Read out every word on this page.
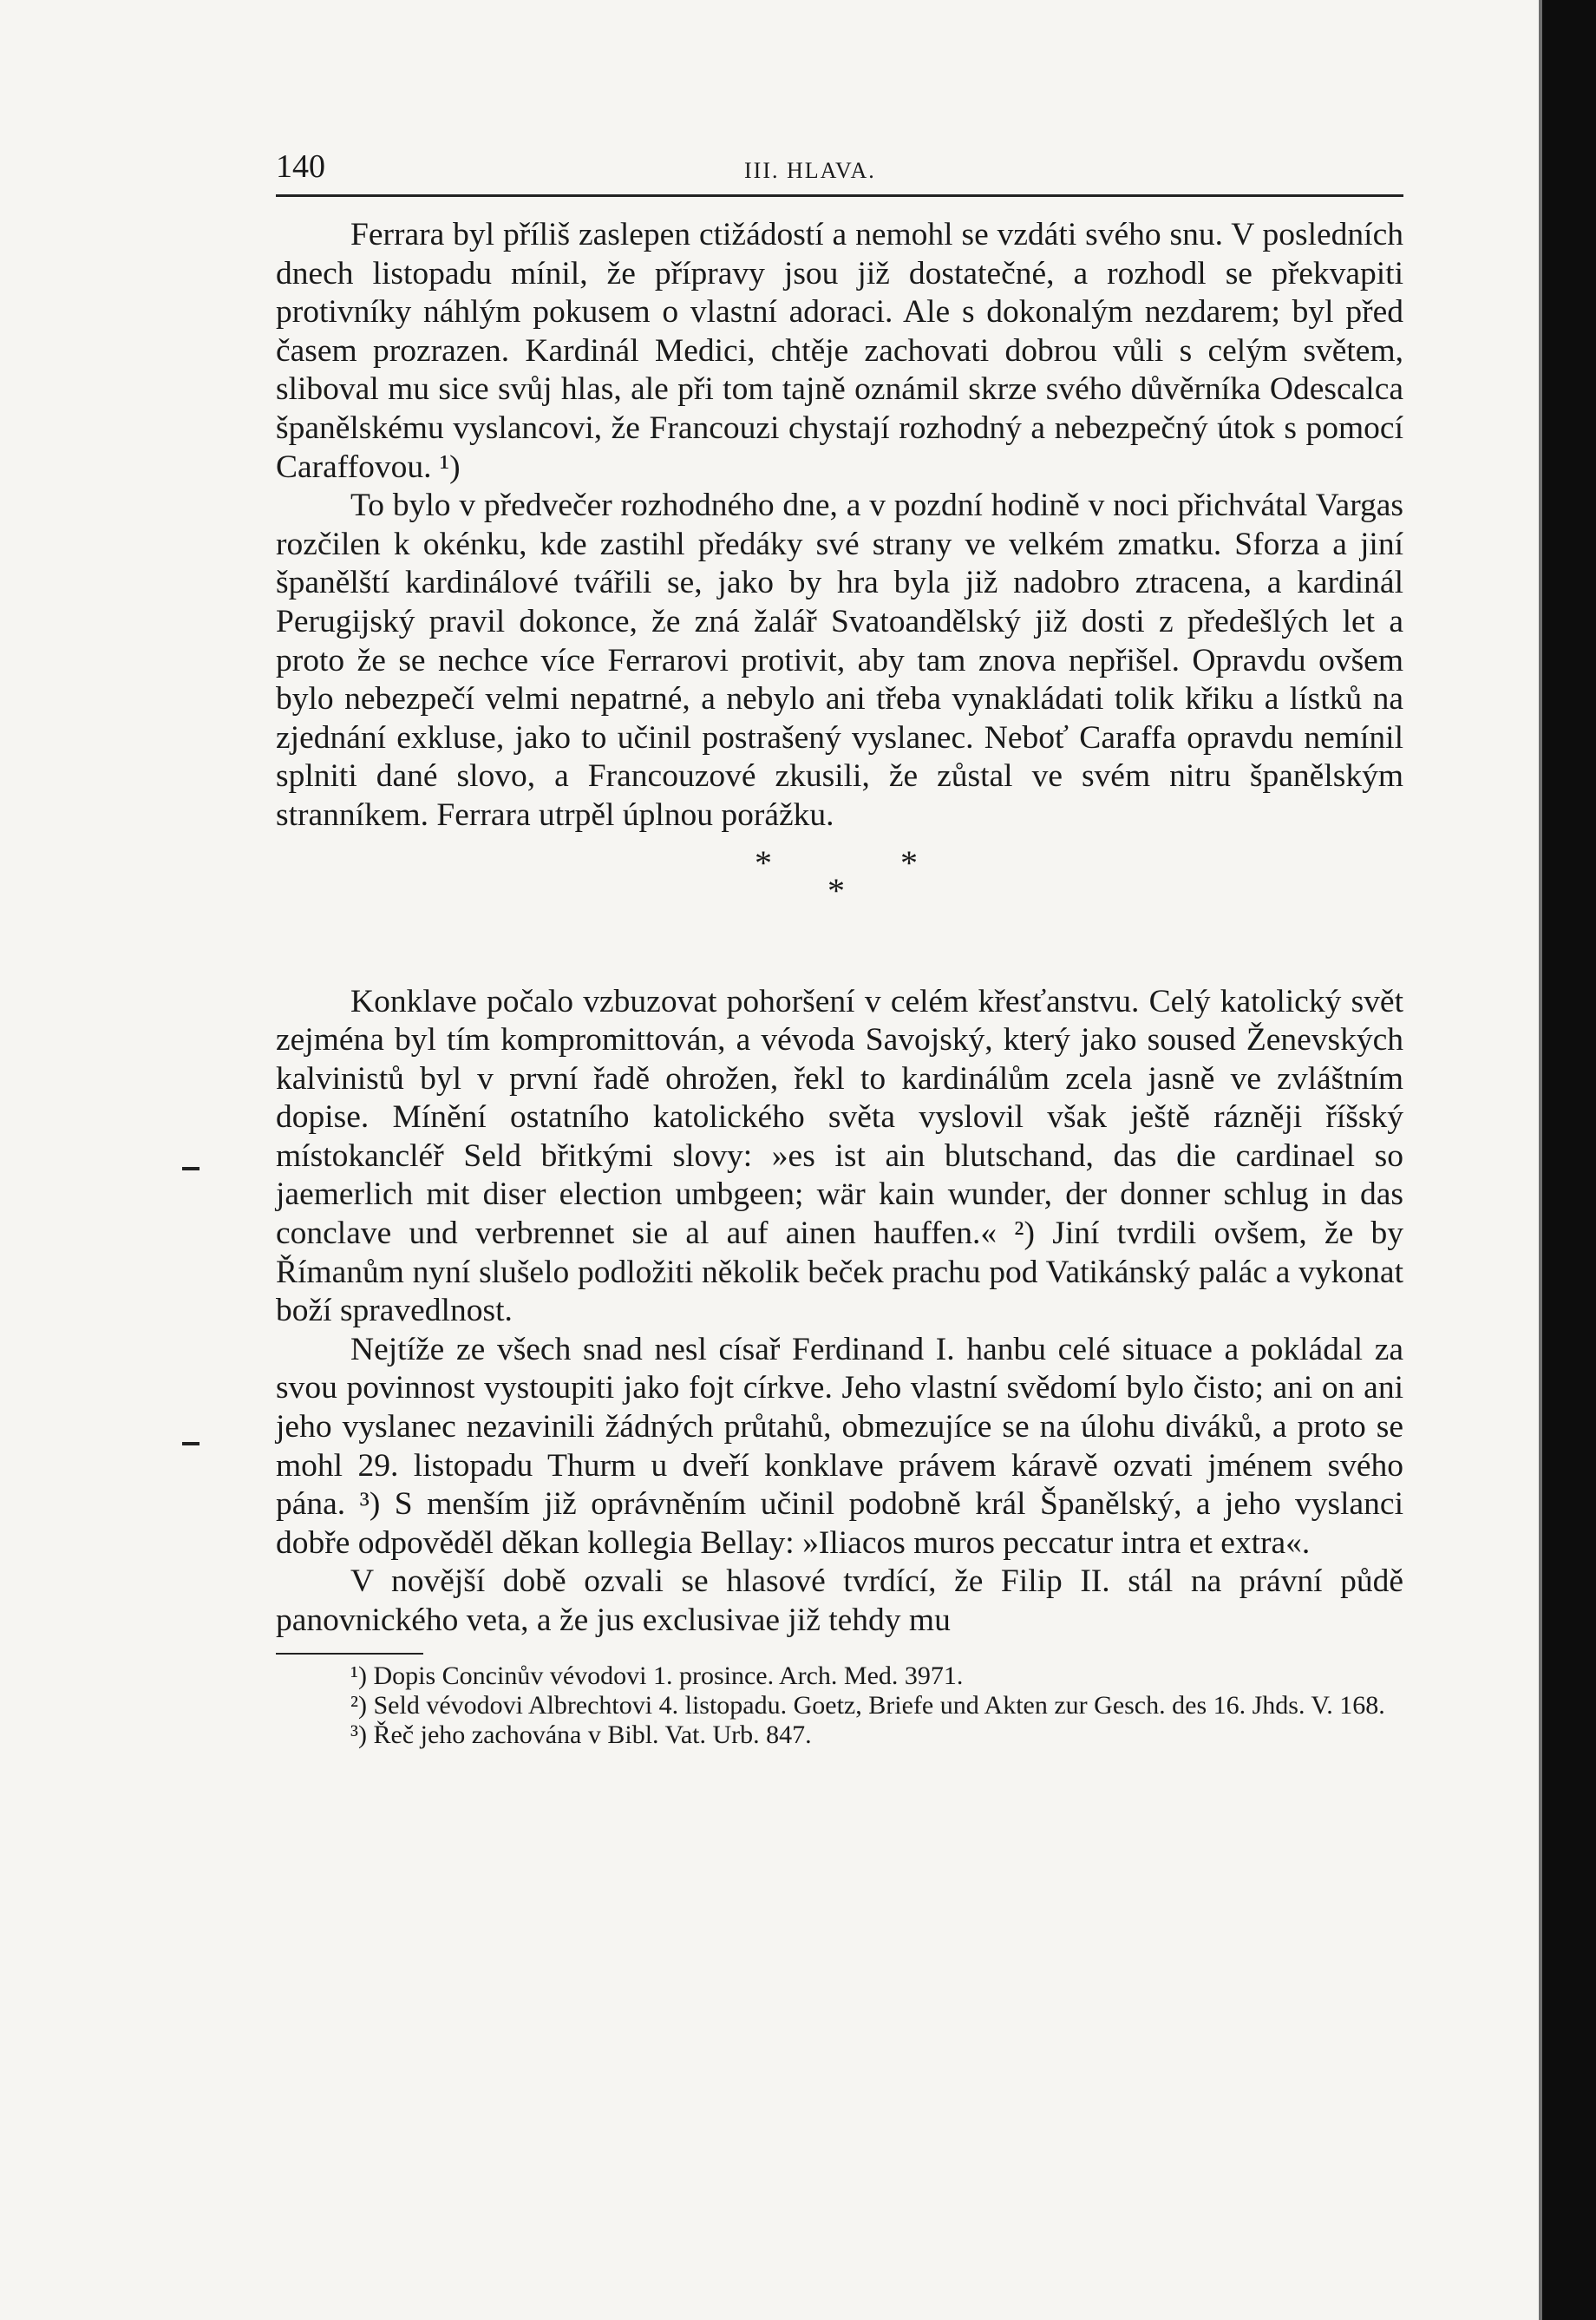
140	III. HLAVA.

Ferrara byl příliš zaslepen ctižádostí a nemohl se vzdáti svého snu. V posledních dnech listopadu mínil, že přípravy jsou již dostatečné, a rozhodl se překvapiti protivníky náhlým pokusem o vlastní adoraci. Ale s dokonalým nezdarem; byl před časem prozrazen. Kardinál Medici, chtěje zachovati dobrou vůli s celým světem, sliboval mu sice svůj hlas, ale při tom tajně oznámil skrze svého důvěrníka Odescalca španělskému vyslancovi, že Francouzi chystají rozhodný a nebezpečný útok s pomocí Caraffovou. ¹)

To bylo v předvečer rozhodného dne, a v pozdní hodině v noci přichvátal Vargas rozčilen k okénku, kde zastihl předáky své strany ve velkém zmatku. Sforza a jiní španělští kardinálové tvářili se, jako by hra byla již nadobro ztracena, a kardinál Perugijský pravil dokonce, že zná žalář Svatoandělský již dosti z předešlých let a proto že se nechce více Ferrarovi protivit, aby tam znova nepřišel. Opravdu ovšem bylo nebezpečí velmi nepatrné, a nebylo ani třeba vynakládati tolik křiku a lístků na zjednání exkluse, jako to učinil postrašený vyslanec. Neboť Caraffa opravdu nemínil splniti dané slovo, a Francouzové zkusili, že zůstal ve svém nitru španělským stranníkem. Ferrara utrpěl úplnou porážku.

*	*
*

Konklave počalo vzbuzovat pohoršení v celém křesťanstvu. Celý katolický svět zejména byl tím kompromittován, a vévoda Savojský, který jako soused Ženevských kalvinistů byl v první řadě ohrožen, řekl to kardinálům zcela jasně ve zvláštním dopise. Mínění ostatního katolického světa vyslovil však ještě rázněji říšský místokancléř Seld břitkými slovy: »es ist ain blutschand, das die cardinael so jaemerlich mit diser election umbgeen; wär kain wunder, der donner schlug in das conclave und verbrennet sie al auf ainen hauffen.« ²) Jiní tvrdili ovšem, že by Římanům nyní slušelo podložiti několik beček prachu pod Vatikánský palác a vykonat boží spravedlnost.

Nejtíže ze všech snad nesl císař Ferdinand I. hanbu celé situace a pokládal za svou povinnost vystoupiti jako fojt církve. Jeho vlastní svědomí bylo čisto; ani on ani jeho vyslanec nezavinili žádných průtahů, obmezujíce se na úlohu diváků, a proto se mohl 29. listopadu Thurm u dveří konklave právem káravě ozvati jménem svého pána. ³) S menším již oprávněním učinil podobně král Španělský, a jeho vyslanci dobře odpověděl děkan kollegia Bellay: »Iliacos muros peccatur intra et extra«.

V novější době ozvali se hlasové tvrdící, že Filip II. stál na právní půdě panovnického veta, a že jus exclusivae již tehdy mu

¹) Dopis Concinův vévodovi 1. prosince. Arch. Med. 3971.

²) Seld vévodovi Albrechtovi 4. listopadu. Goetz, Briefe und Akten zur Gesch. des 16. Jhds. V. 168.

³) Řeč jeho zachována v Bibl. Vat. Urb. 847.
